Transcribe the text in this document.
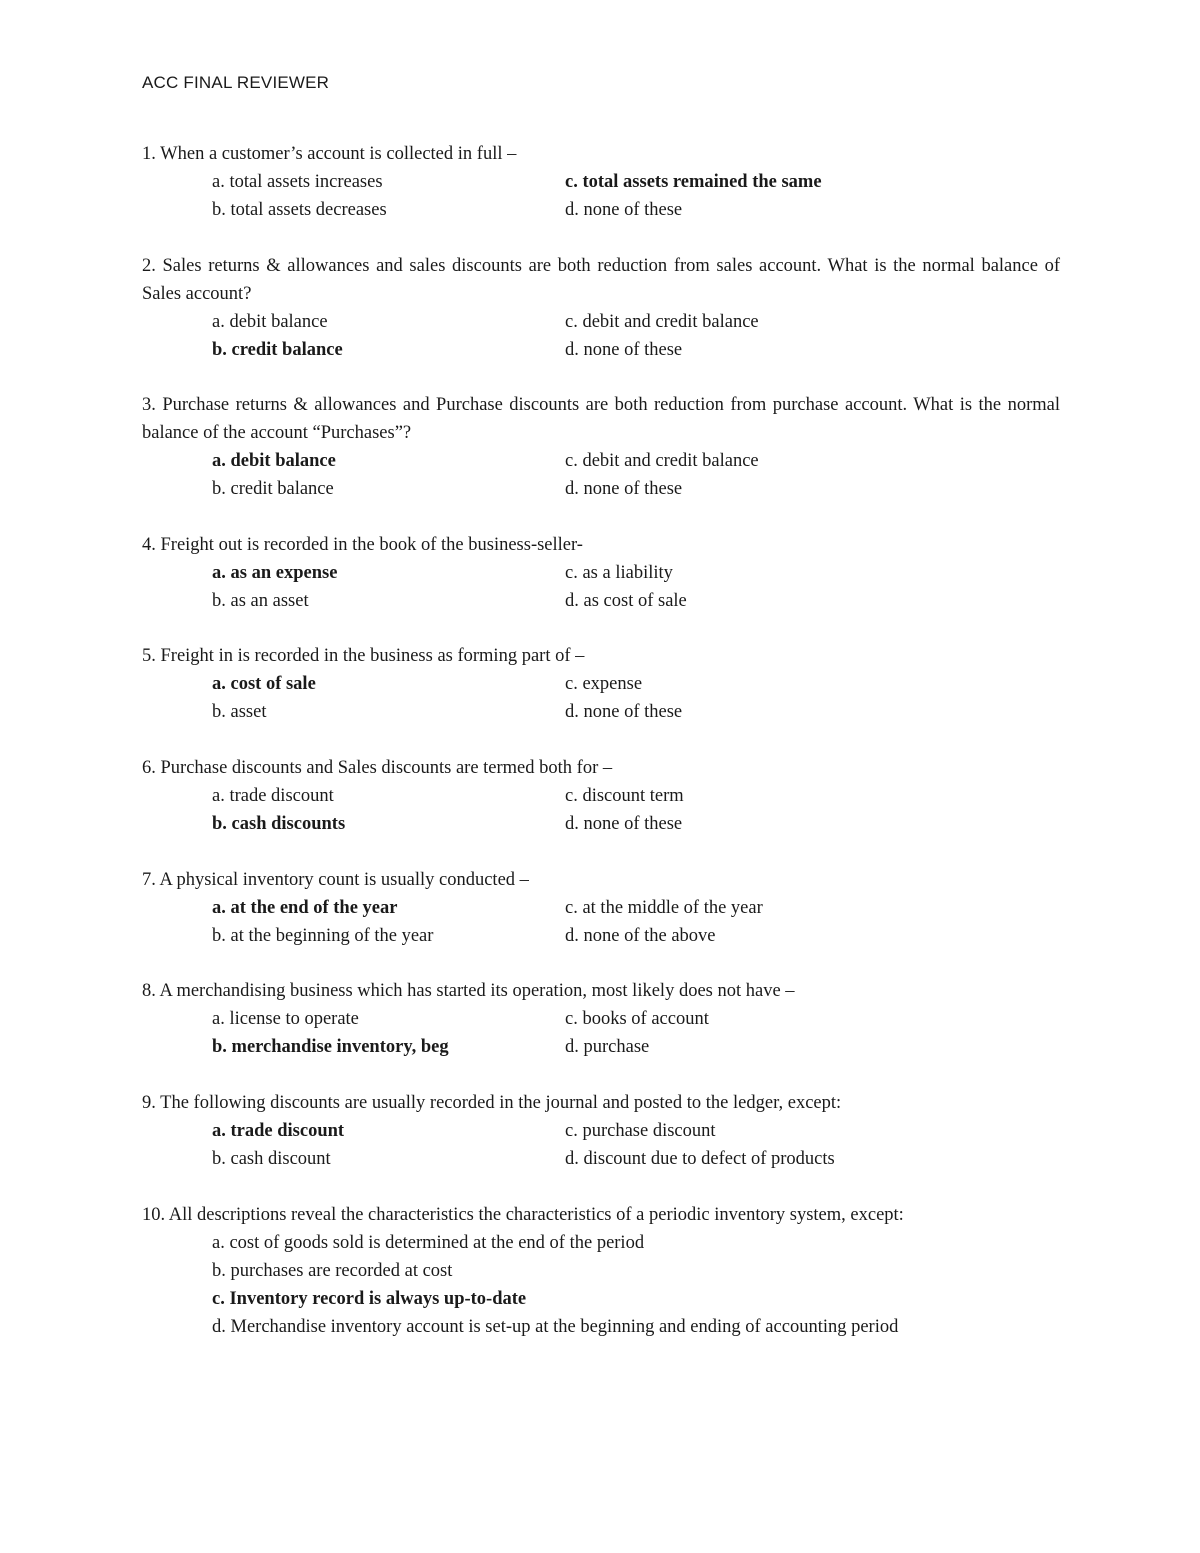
ACC FINAL REVIEWER
1. When a customer’s account is collected in full –
a. total assets increases	c. total assets remained the same
b. total assets decreases	d. none of these
2. Sales returns & allowances and sales discounts are both reduction from sales account. What is the normal balance of Sales account?
a. debit balance	c. debit and credit balance
b. credit balance	d. none of these
3. Purchase returns & allowances and Purchase discounts are both reduction from purchase account. What is the normal balance of the account “Purchases”?
a. debit balance	c. debit and credit balance
b. credit balance	d. none of these
4. Freight out is recorded in the book of the business-seller-
a. as an expense	c. as a liability
b. as an asset	d. as cost of sale
5. Freight in is recorded in the business as forming part of –
a. cost of sale	c. expense
b. asset	d. none of these
6. Purchase discounts and Sales discounts are termed both for –
a. trade discount	c. discount term
b. cash discounts	d. none of these
7. A physical inventory count is usually conducted –
a. at the end of the year	c. at the middle of the year
b. at the beginning of the year	d. none of the above
8. A merchandising business which has started its operation, most likely does not have –
a. license to operate	c. books of account
b. merchandise inventory, beg	d. purchase
9. The following discounts are usually recorded in the journal and posted to the ledger, except:
a. trade discount	c. purchase discount
b. cash discount	d. discount due to defect of products
10. All descriptions reveal the characteristics the characteristics of a periodic inventory system, except:
a. cost of goods sold is determined at the end of the period
b. purchases are recorded at cost
c. Inventory record is always up-to-date
d. Merchandise inventory account is set-up at the beginning and ending of accounting period
